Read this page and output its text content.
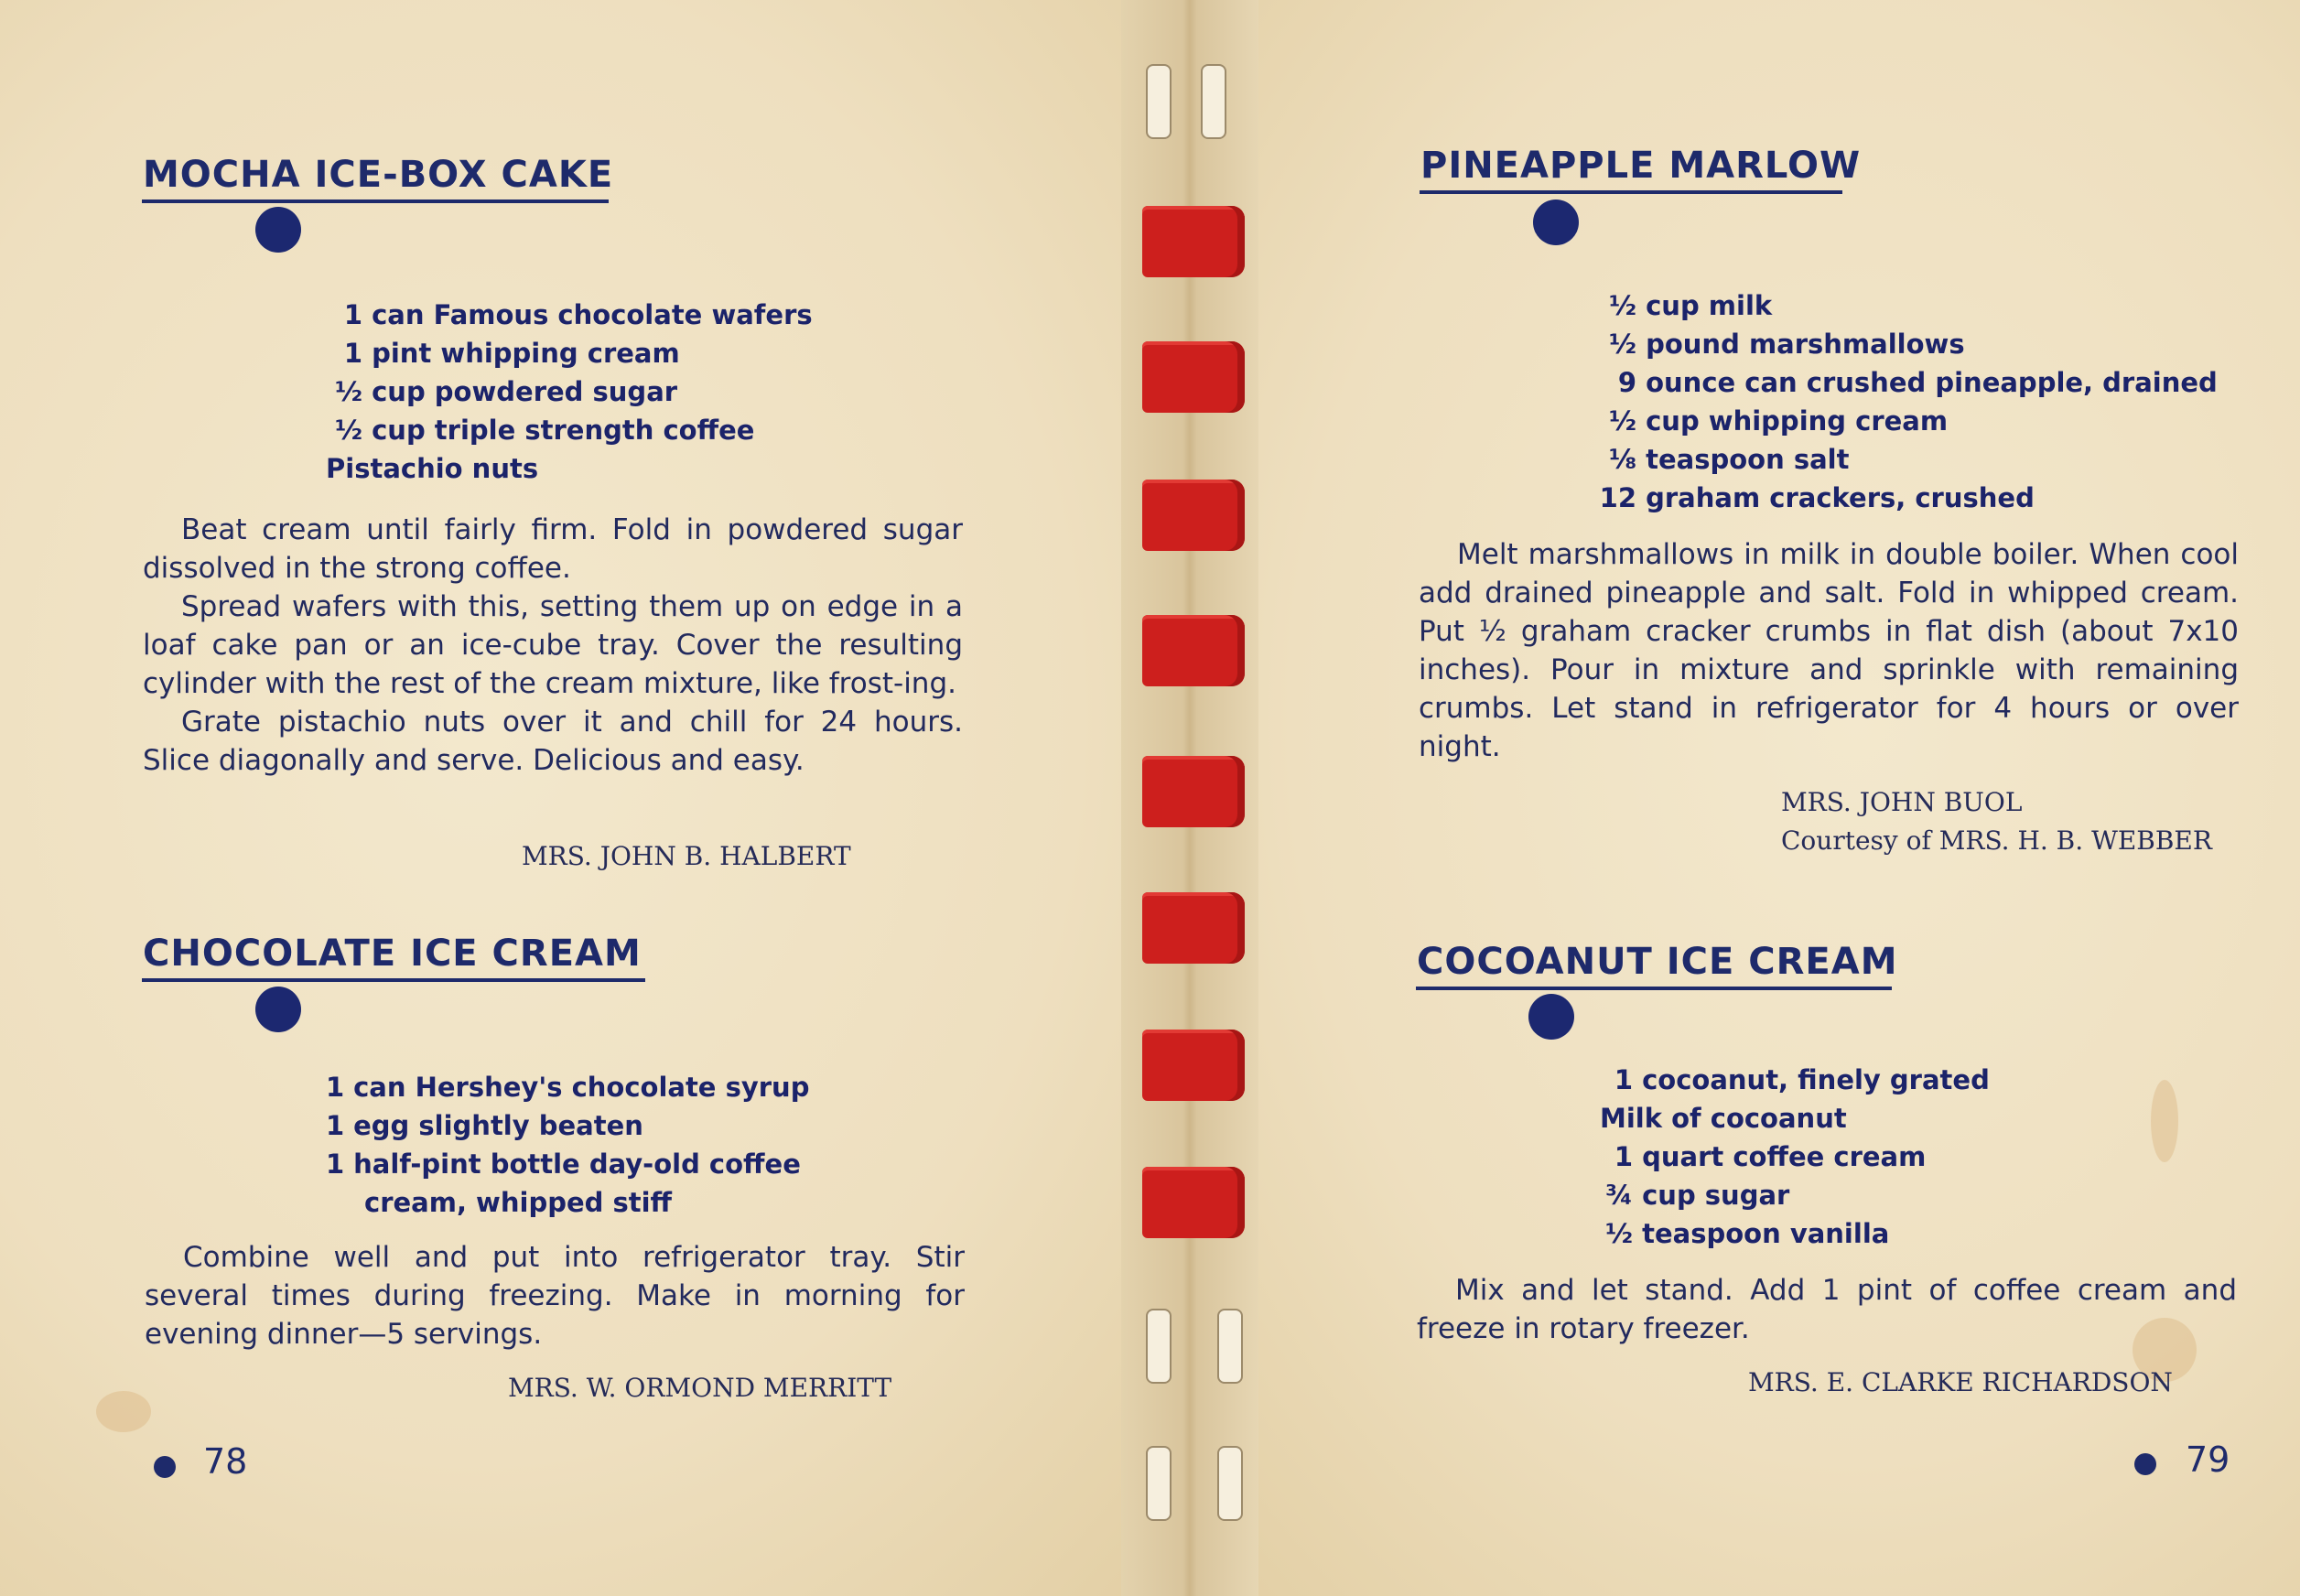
MOCHA ICE-BOX CAKE
1 can Famous chocolate wafers
1 pint whipping cream
½ cup powdered sugar
½ cup triple strength coffee
Pistachio nuts

Beat cream until fairly firm. Fold in powdered sugar dissolved in the strong coffee.

Spread wafers with this, setting them up on edge in a loaf cake pan or an ice-cube tray. Cover the resulting cylinder with the rest of the cream mixture, like frost-ing.

Grate pistachio nuts over it and chill for 24 hours. Slice diagonally and serve. Delicious and easy.

MRS. JOHN B. HALBERT
CHOCOLATE ICE CREAM
1 can Hershey's chocolate syrup
1 egg slightly beaten
1 half-pint bottle day-old coffee
cream, whipped stiff

Combine well and put into refrigerator tray. Stir several times during freezing. Make in morning for evening dinner—5 servings.

MRS. W. ORMOND MERRITT
78
PINEAPPLE MARLOW
½ cup milk
½ pound marshmallows
9 ounce can crushed pineapple, drained
½ cup whipping cream
⅛ teaspoon salt
12 graham crackers, crushed

Melt marshmallows in milk in double boiler. When cool add drained pineapple and salt. Fold in whipped cream. Put ½ graham cracker crumbs in flat dish (about 7x10 inches). Pour in mixture and sprinkle with remaining crumbs. Let stand in refrigerator for 4 hours or over night.

MRS. JOHN BUOL
Courtesy of MRS. H. B. WEBBER
COCOANUT ICE CREAM
1 cocoanut, finely grated
Milk of cocoanut
1 quart coffee cream
¾ cup sugar
½ teaspoon vanilla

Mix and let stand. Add 1 pint of coffee cream and freeze in rotary freezer.

MRS. E. CLARKE RICHARDSON
79
